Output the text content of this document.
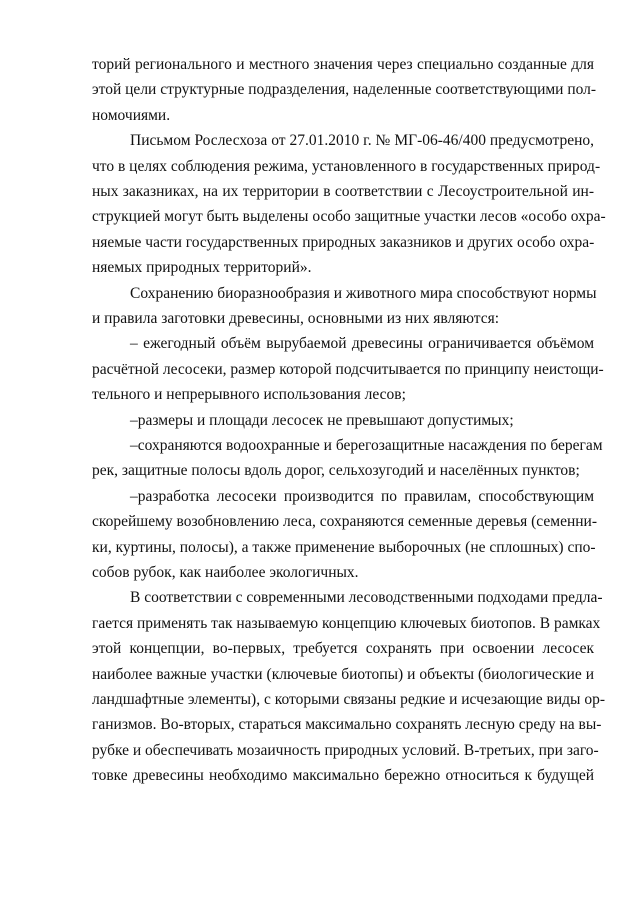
торий регионального и местного значения через специально созданные для
этой цели структурные подразделения, наделенные соответствующими пол-
номочиями.
Письмом Рослесхоза от 27.01.2010 г. № МГ-06-46/400 предусмотрено,
что в целях соблюдения режима, установленного в государственных природ-
ных заказниках, на их территории в соответствии с Лесоустроительной ин-
струкцией могут быть выделены особо защитные участки лесов «особо охра-
няемые части государственных природных заказников и других особо охра-
няемых природных территорий».
Сохранению биоразнообразия и животного мира способствуют нормы
и правила заготовки древесины, основными из них являются:
– ежегодный объём вырубаемой древесины ограничивается объёмом
расчётной лесосеки, размер которой подсчитывается по принципу неистощи-
тельного и непрерывного использования лесов;
–размеры и площади лесосек не превышают допустимых;
–сохраняются водоохранные и берегозащитные насаждения по берегам
рек, защитные полосы вдоль дорог, сельхозугодий и населённых пунктов;
–разработка лесосеки производится по правилам, способствующим
скорейшему возобновлению леса, сохраняются семенные деревья (семенни-
ки, куртины, полосы), а также применение выборочных (не сплошных) спо-
собов рубок, как наиболее экологичных.
В соответствии с современными лесоводственными подходами предла-
гается применять так называемую концепцию ключевых биотопов. В рамках
этой концепции, во-первых, требуется сохранять при освоении лесосек
наиболее важные участки (ключевые биотопы) и объекты (биологические и
ландшафтные элементы), с которыми связаны редкие и исчезающие виды ор-
ганизмов. Во-вторых, стараться максимально сохранять лесную среду на вы-
рубке и обеспечивать мозаичность природных условий. В-третьих, при заго-
товке древесины необходимо максимально бережно относиться к будущей
